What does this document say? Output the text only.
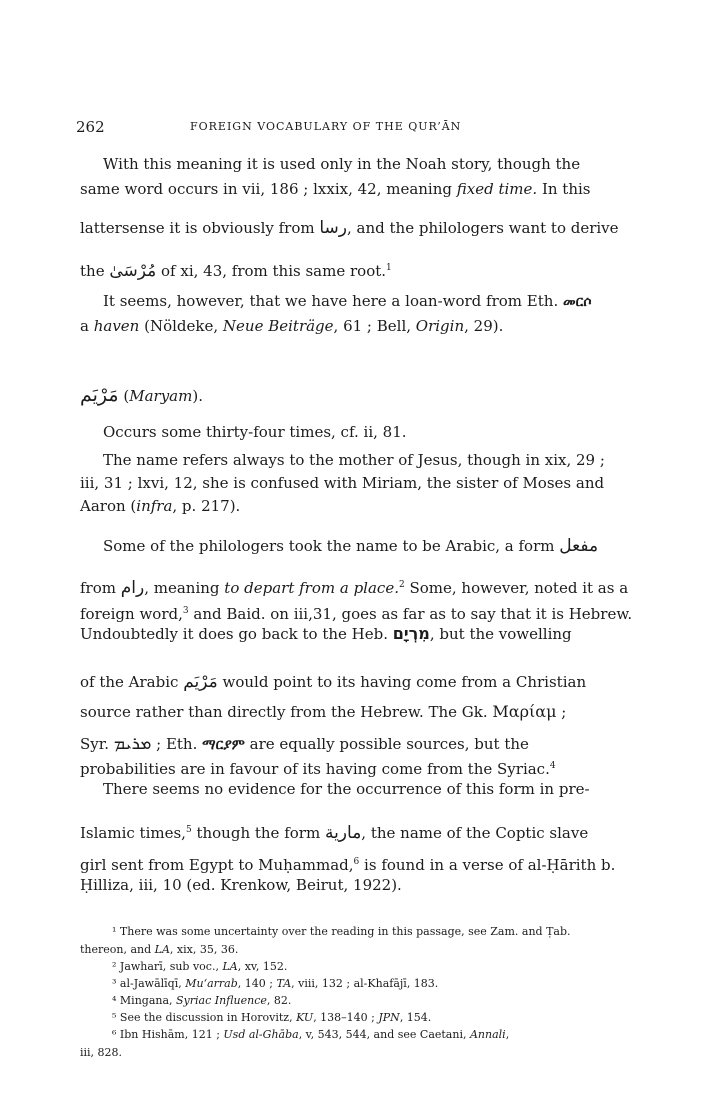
262	FOREIGN VOCABULARY OF THE QUR’ĀN
With this meaning it is used only in the Noah story, though the
same word occurs in vii, 186 ; lxxix, 42, meaning fixed time. In this
lattersense it is obviously from رسا, and the philologers want to derive
the مُرْسَىٰ of xi, 43, from this same root.$^1$
It seems, however, that we have here a loan-word from Eth. መርሶ
a haven (Nöldeke, Neue Beiträge, 61 ; Bell, Origin, 29).
مَرْيَم (Maryam).
Occurs some thirty-four times, cf. ii, 81.
The name refers always to the mother of Jesus, though in xix, 29 ;
iii, 31 ; lxvi, 12, she is confused with Miriam, the sister of Moses and
Aaron (infra, p. 217).
Some of the philologers took the name to be Arabic, a form مفعل
from رام, meaning to depart from a place.$^2$ Some, however, noted it as a
foreign word,$^3$ and Baid. on iii,31, goes as far as to say that it is Hebrew.
Undoubtedly it does go back to the Heb. מִרְיָם, but the vowelling
of the Arabic مَرْيَم would point to its having come from a Christian
source rather than directly from the Hebrew. The Gk. Μαρίαμ ;
Syr. ܡܪܝܡ ; Eth. ማርያም are equally possible sources, but the
probabilities are in favour of its having come from the Syriac.$^4$
There seems no evidence for the occurrence of this form in pre-
Islamic times,$^5$ though the form مارية, the name of the Coptic slave
girl sent from Egypt to Muḥammad,$^6$ is found in a verse of al-Ḥārith b.
Ḥilliza, iii, 10 (ed. Krenkow, Beirut, 1922).
¹ There was some uncertainty over the reading in this passage, see Zam. and Ṭab.
thereon, and LA, xix, 35, 36.
² Jawharī, sub voc., LA, xv, 152.
³ al-Jawālīqī, Mu‘arrab, 140 ; TA, viii, 132 ; al-Khafājī, 183.
⁴ Mingana, Syriac Influence, 82.
⁵ See the discussion in Horovitz, KU, 138–140 ; JPN, 154.
⁶ Ibn Hishām, 121 ; Usd al-Ghāba, v, 543, 544, and see Caetani, Annali,
iii, 828.
